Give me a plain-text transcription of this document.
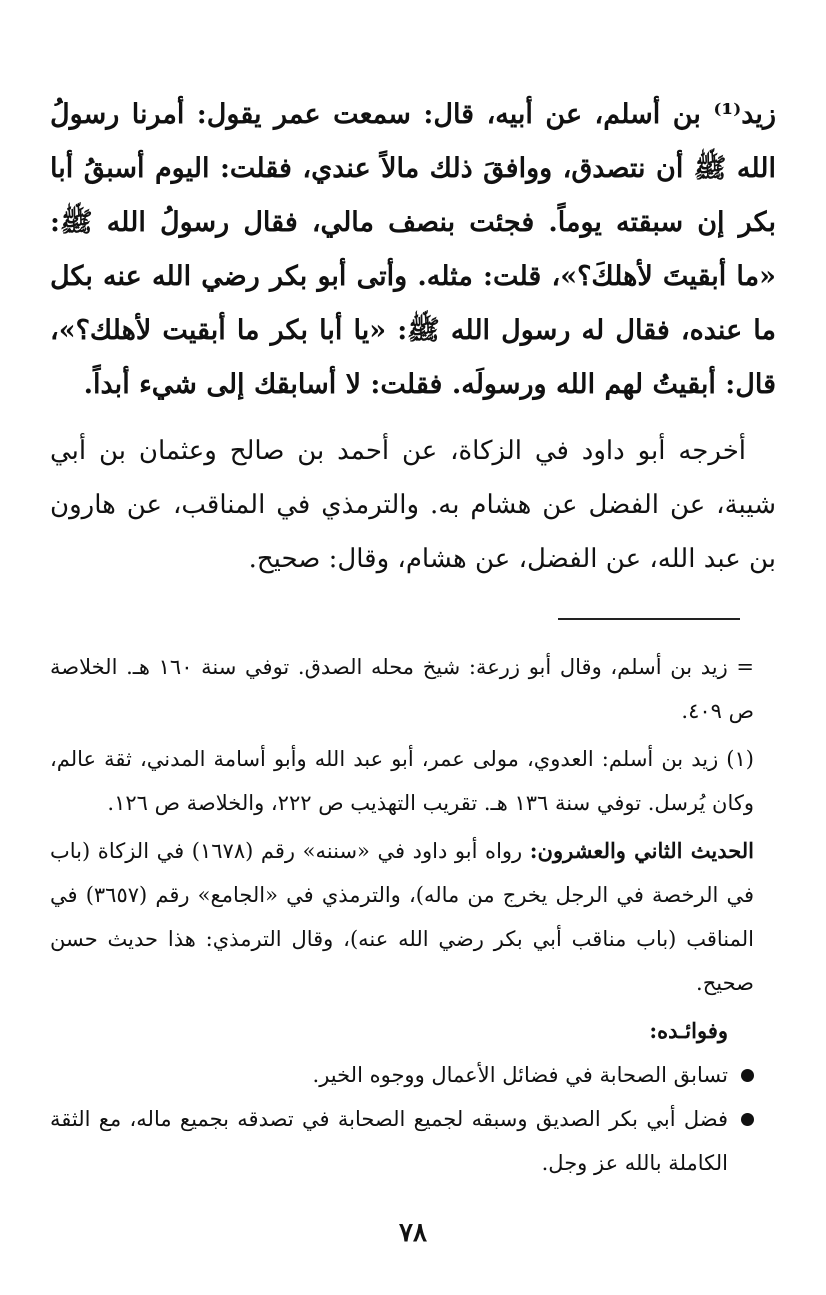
زيد⁽¹⁾ بن أسلم، عن أبيه، قال: سمعت عمر يقول: أمرنا رسولُ الله ﷺ أن نتصدق، ووافقَ ذلك مالاً عندي، فقلت: اليوم أسبقُ أبا بكر إن سبقته يوماً. فجئت بنصف مالي، فقال رسولُ الله ﷺ: «ما أبقيتَ لأهلكَ؟»، قلت: مثله. وأتى أبو بكر رضي الله عنه بكل ما عنده، فقال له رسول الله ﷺ: «يا أبا بكر ما أبقيت لأهلك؟»، قال: أبقيتُ لهم الله ورسولَه. فقلت: لا أسابقك إلى شيء أبداً.

أخرجه أبو داود في الزكاة، عن أحمد بن صالح وعثمان بن أبي شيبة، عن الفضل عن هشام به. والترمذي في المناقب، عن هارون بن عبد الله، عن الفضل، عن هشام، وقال: صحيح.

= زيد بن أسلم، وقال أبو زرعة: شيخ محله الصدق. توفي سنة ١٦٠ هـ. الخلاصة ص ٤٠٩.

(١) زيد بن أسلم: العدوي، مولى عمر، أبو عبد الله وأبو أسامة المدني، ثقة عالم، وكان يُرسل. توفي سنة ١٣٦ هـ. تقريب التهذيب ص ٢٢٢، والخلاصة ص ١٢٦.

الحديث الثاني والعشرون: رواه أبو داود في «سننه» رقم (١٦٧٨) في الزكاة (باب في الرخصة في الرجل يخرج من ماله)، والترمذي في «الجامع» رقم (٣٦٥٧) في المناقب (باب مناقب أبي بكر رضي الله عنه)، وقال الترمذي: هذا حديث حسن صحيح.

وفوائـده:

تسابق الصحابة في فضائل الأعمال ووجوه الخير.
فضل أبي بكر الصديق وسبقه لجميع الصحابة في تصدقه بجميع ماله، مع الثقة الكاملة بالله عز وجل.
٧٨
